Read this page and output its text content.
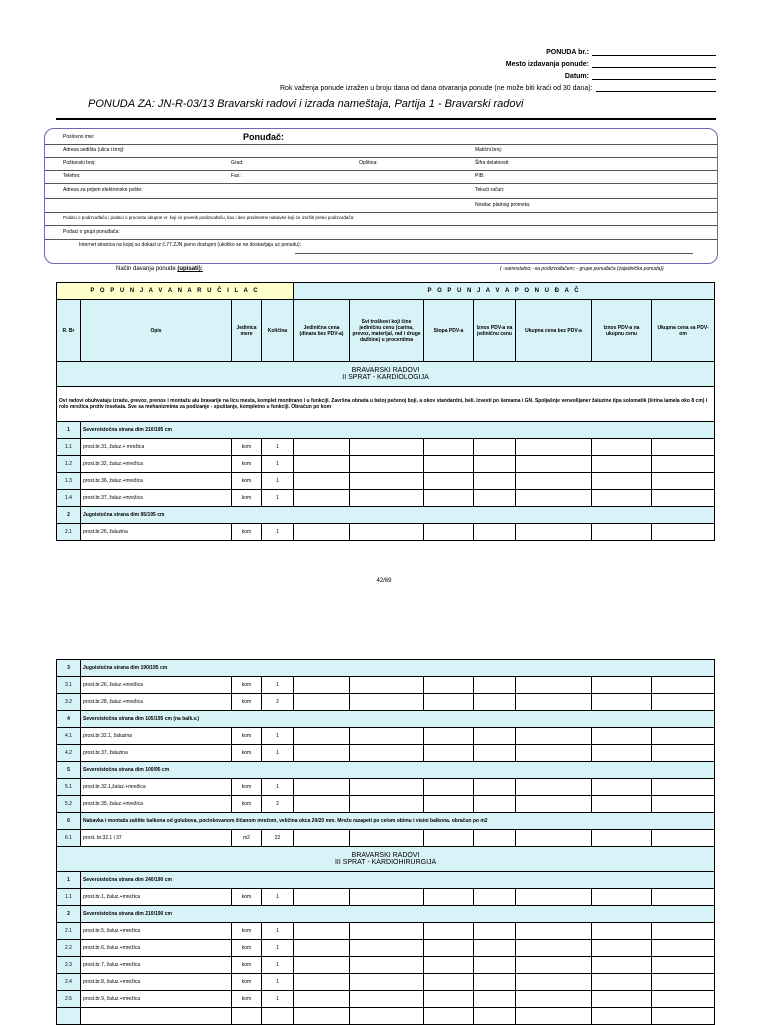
PONUDA br.:
Mesto izdavanja ponude:
Datum:
Rok važenja ponude izražen u broju dana od dana otvaranja ponude (ne može biti kraći od 30 dana):
PONUDA ZA: JN-R-03/13 Bravarski radovi i izrada nameštaja, Partija 1 - Bravarski radovi
Poslovno ime:	Ponuđač:
Adresa sedišta (ulica i broj):	Matični broj:
Poštanski broj:	Grad:	Opština:	Šifra delatnosti:
Telefon:	Fax:	PIB:
Adresa za prijem elektronske pošte:	Tekući račun:
Nosilac platnog prometa:
Podaci o podizvođaču i podaci o procentu ukupne vr. koji će poveriti podizvođaču, kao i deo predmetne nabavke koji će izvršiti preko podizvođača:
Podaci o grupi ponuđača:
Internet stranica na kojoj su dokazi iz č.77.ZJN javno dostupni (ukoliko se ne dostavljaju uz ponudu):
Način davanja ponude (upisati):	( -samostalno; -sa podizvođačem; - grupe ponuđača (zajednička ponuda))
P O P U N J A V A N A R U Č I L A C				P O P U N J A V A P O N U Đ A Č						
R. Br	Opis	Jedinica mere	Količina	Jedinična cena (dinara bez PDV-a)	Svi troškovi koji čine jediničnu cenu (carina, prevoz, materijal, rad i druge dažbine) u procentima	Stopa PDV-a	Iznos PDV-a na jediničnu cenu	Ukupna cena bez PDV-a	Iznos PDV-a na ukupnu cenu	Ukupna cena sa PDV-om
BRAVARSKI RADOVI
II SPRAT - KARDIOLOGIJA										
Ovi radovi obuhvataju izradu, prevoz, prenos i montažu alu bravarije na licu mesta, komplet montirano i u funkciji. Završna obrada u beloj pečenoj boji, a okov standardni, beli. Izvesti po šemama i GN. Spoljašnje veneolijaner žaluzine tipa solomatik (širina lamela oko 8 cm) i rolo mrežica protiv insekata. Sve sa mehanizmima za podizanje - spuštanje, kompletno u funkciji. Obračun po kom										
1	Severoistočna strana dim 210/195 cm									
1.1	prost.br.31, žaluz.+ mrežica	kom	1							
1.2	prost.br.32, žaluz.+mrežica	kom	1							
1.3	prost.br.36, žaluz.+mrežica	kom	1							
1.4	prost.br.37, žaluz.+mrežica	kom	1							
2	Jugoistočna strana dim 95/195 cm									
2.1	prost.br.26, žaluzina	kom	1							
42/69
3	Jugoistočna strana dim 190/195 cm									
3.1	prost.br.26, žaluz.+mrežica	kom	1							
3.2	prost.br.28, žaluz.+mrežica	kom	2							
4	Severoistočna strana dim 105/195 cm (na balk.v.)									
4.1	prost.br.32.1, žaluzina	kom	1							
4.2	prost.br.37, žaluzina	kom	1							
5	Severoistočna strana dim 100/95 cm									
5.1	prost.br.32.1,žaluz.+mrežica	kom	1							
5.2	prost.br.35, žaluz.+mrežica	kom	2							
6	Nabavka i montaža zaštite balkona od golubova, pocinkovanom žičanom mrežom, veličina okca 20/20 mm. Mrežu razapeti po celom obimu i visini balkona. obračun po m2									
6.1	prost. br.32.1 i 37	m2	22							
BRAVARSKI RADOVI
III SPRAT - KARDIOHIRURGIJA										
1	Severoistočna strana dim 240/190 cm									
1.1	prost.br.1, žaluz.+mrežica	kom	1							
2	Severoistočna strana dim 210/190 cm									
2.1	prost.br.5, žaluz.+mrežica	kom	1							
2.2	prost.br.6, žaluz.+mrežica	kom	1							
2.3	prost.br.7, žaluz.+mrežica	kom	1							
2.4	prost.br.8, žaluz.+mrežica	kom	1							
2.5	prost.br.9, žaluz.+mrežica	kom	1							
